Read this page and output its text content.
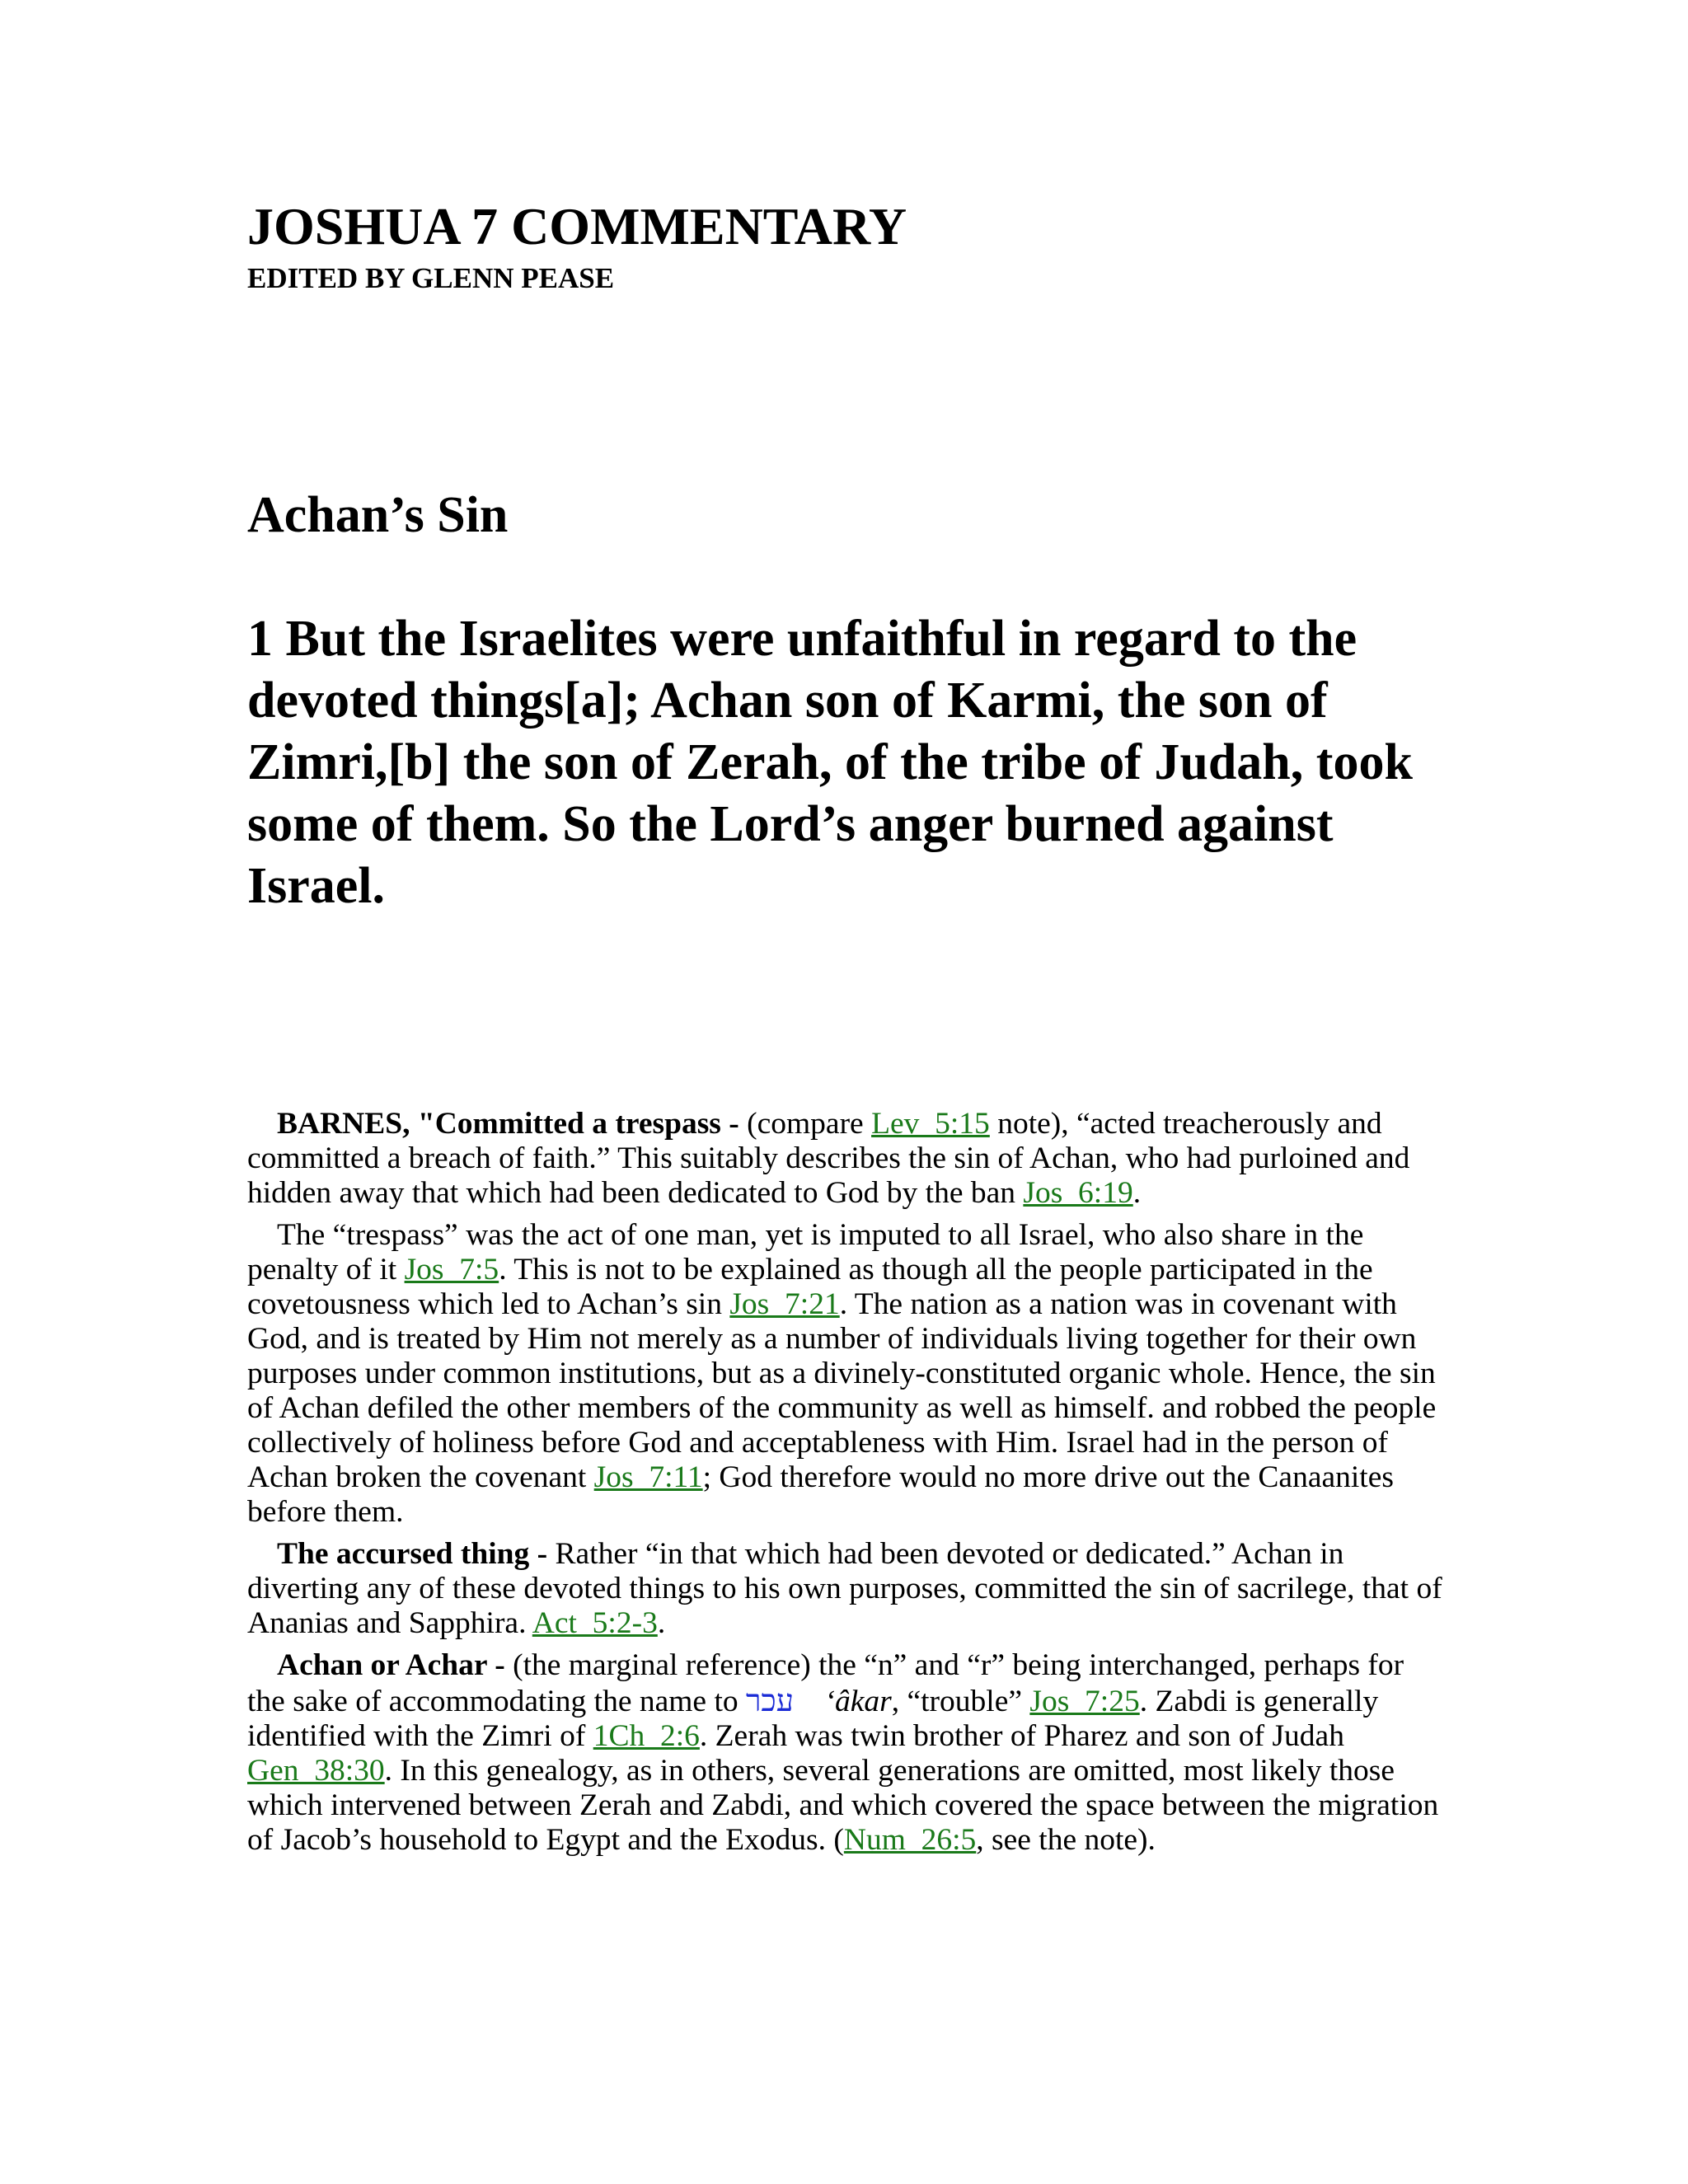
JOSHUA 7 COMMENTARY
EDITED BY GLENN PEASE
Achan’s Sin
1 But the Israelites were unfaithful in regard to the devoted things[a]; Achan son of Karmi, the son of Zimri,[b] the son of Zerah, of the tribe of Judah, took some of them. So the Lord’s anger burned against Israel.

BARNES, "Committed a trespass - (compare Lev_5:15 note), “acted treacherously and committed a breach of faith.” This suitably describes the sin of Achan, who had purloined and hidden away that which had been dedicated to God by the ban Jos_6:19.

The “trespass” was the act of one man, yet is imputed to all Israel, who also share in the penalty of it Jos_7:5. This is not to be explained as though all the people participated in the covetousness which led to Achan’s sin Jos_7:21. The nation as a nation was in covenant with God, and is treated by Him not merely as a number of individuals living together for their own purposes under common institutions, but as a divinely-constituted organic whole. Hence, the sin of Achan defiled the other members of the community as well as himself. and robbed the people collectively of holiness before God and acceptableness with Him. Israel had in the person of Achan broken the covenant Jos_7:11; God therefore would no more drive out the Canaanites before them.

The accursed thing - Rather “in that which had been devoted or dedicated.” Achan in diverting any of these devoted things to his own purposes, committed the sin of sacrilege, that of Ananias and Sapphira. Act_5:2-3.

Achan or Achar - (the marginal reference) the “n” and “r” being interchanged, perhaps for the sake of accommodating the name to עכר  ʻâkar, “trouble” Jos_7:25. Zabdi is generally identified with the Zimri of 1Ch_2:6. Zerah was twin brother of Pharez and son of Judah Gen_38:30. In this genealogy, as in others, several generations are omitted, most likely those which intervened between Zerah and Zabdi, and which covered the space between the migration of Jacob’s household to Egypt and the Exodus. (Num_26:5, see the note).
